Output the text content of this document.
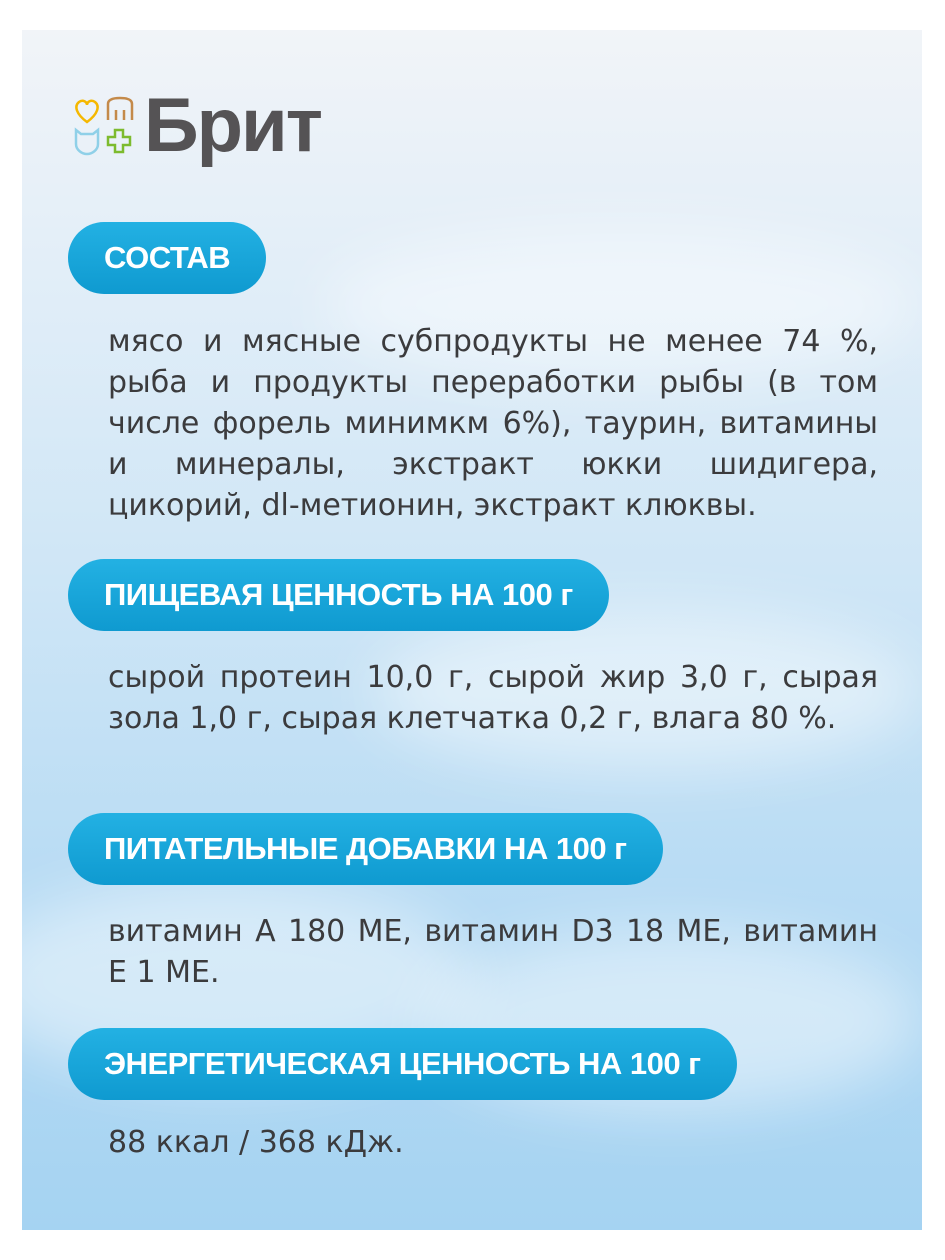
Брит
СОСТАВ
мясо и мясные субпродукты не менее 74 %, рыба и продукты переработки рыбы (в том числе форель минимкм 6%), таурин, витамины и минералы, экстракт юкки шидигера, цикорий, dl-метионин, экстракт клюквы.
ПИЩЕВАЯ ЦЕННОСТЬ НА 100 г
сырой протеин 10,0 г, сырой жир 3,0 г, сырая зола 1,0 г, сырая клетчатка 0,2 г, влага 80 %.
ПИТАТЕЛЬНЫЕ ДОБАВКИ НА 100 г
витамин А 180 МЕ, витамин D3 18 МЕ, витамин Е 1 МЕ.
ЭНЕРГЕТИЧЕСКАЯ ЦЕННОСТЬ НА 100 г
88 ккал / 368 кДж.
